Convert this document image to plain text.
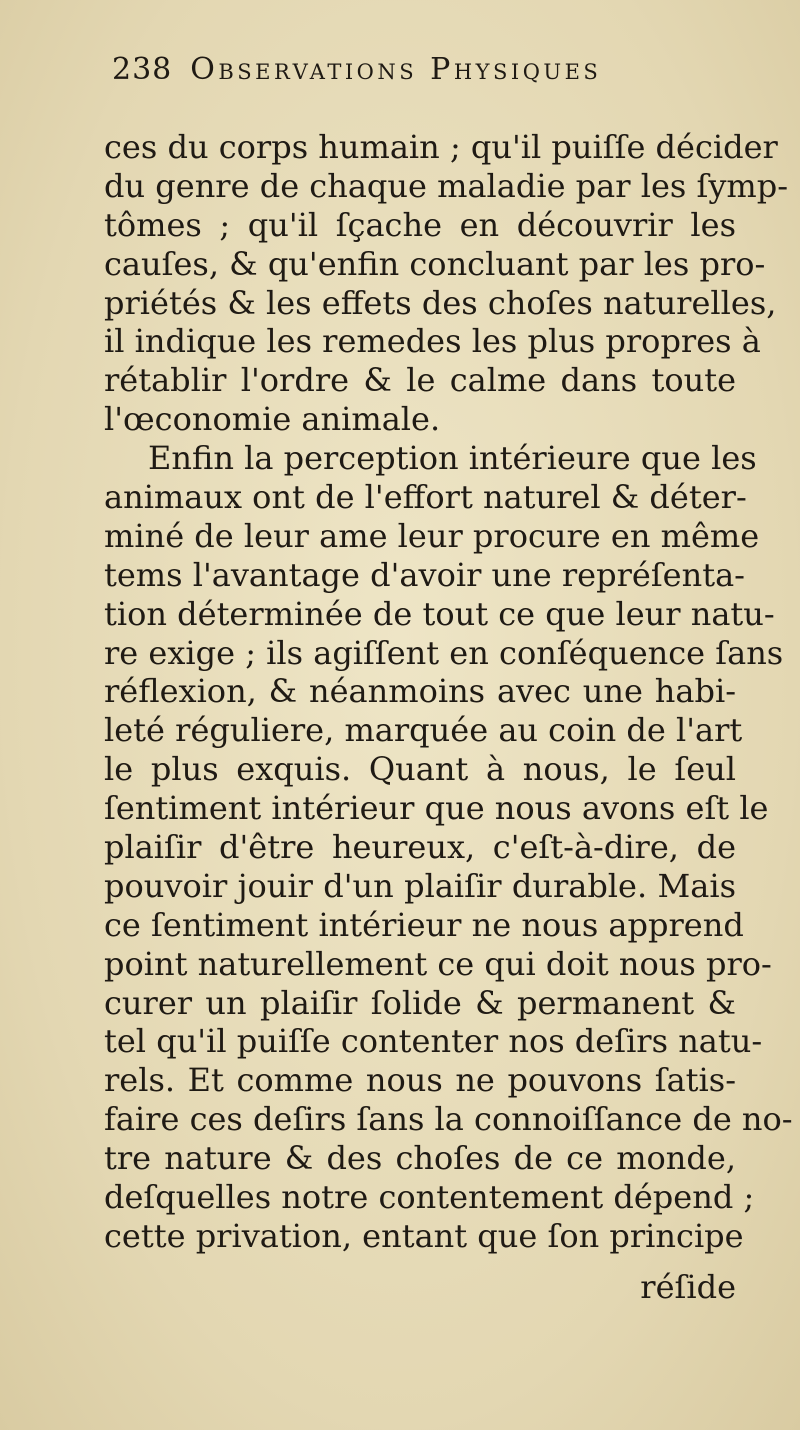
238 Observations Physiques
ces du corps humain ; qu'il puiſſe décider
du genre de chaque maladie par les ſymp-
tômes ; qu'il ſçache en découvrir les
cauſes, & qu'enfin concluant par les pro-
priétés & les effets des choſes naturelles,
il indique les remedes les plus propres à
rétablir l'ordre & le calme dans toute
l'œconomie animale.
Enfin la perception intérieure que les
animaux ont de l'effort naturel & déter-
miné de leur ame leur procure en même
tems l'avantage d'avoir une repréſenta-
tion déterminée de tout ce que leur natu-
re exige ; ils agiſſent en conſéquence ſans
réflexion, & néanmoins avec une habi-
leté réguliere, marquée au coin de l'art
le plus exquis. Quant à nous, le ſeul
ſentiment intérieur que nous avons eſt le
plaiſir d'être heureux, c'eſt-à-dire, de
pouvoir jouir d'un plaiſir durable. Mais
ce ſentiment intérieur ne nous apprend
point naturellement ce qui doit nous pro-
curer un plaiſir ſolide & permanent &
tel qu'il puiſſe contenter nos deſirs natu-
rels. Et comme nous ne pouvons ſatis-
faire ces deſirs ſans la connoiſſance de no-
tre nature & des choſes de ce monde,
deſquelles notre contentement dépend ;
cette privation, entant que ſon principe
réſide
